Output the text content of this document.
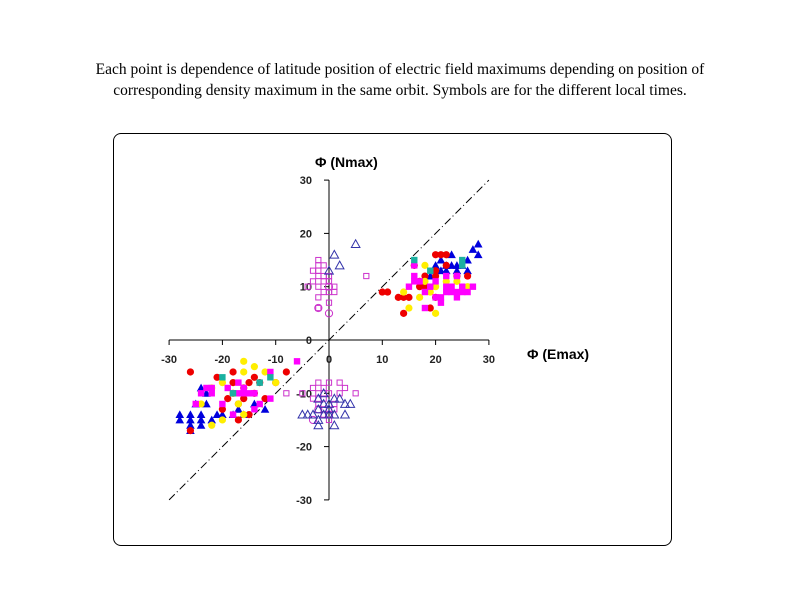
Each point is dependence of latitude position of electric field maximums depending on position of corresponding density maximum in the same orbit. Symbols are for the different local times.
-30	-20	-10	0	10	20	30
30
20
10
0
-10
-20
-30
Φ (Nmax)
Φ (Emax)
